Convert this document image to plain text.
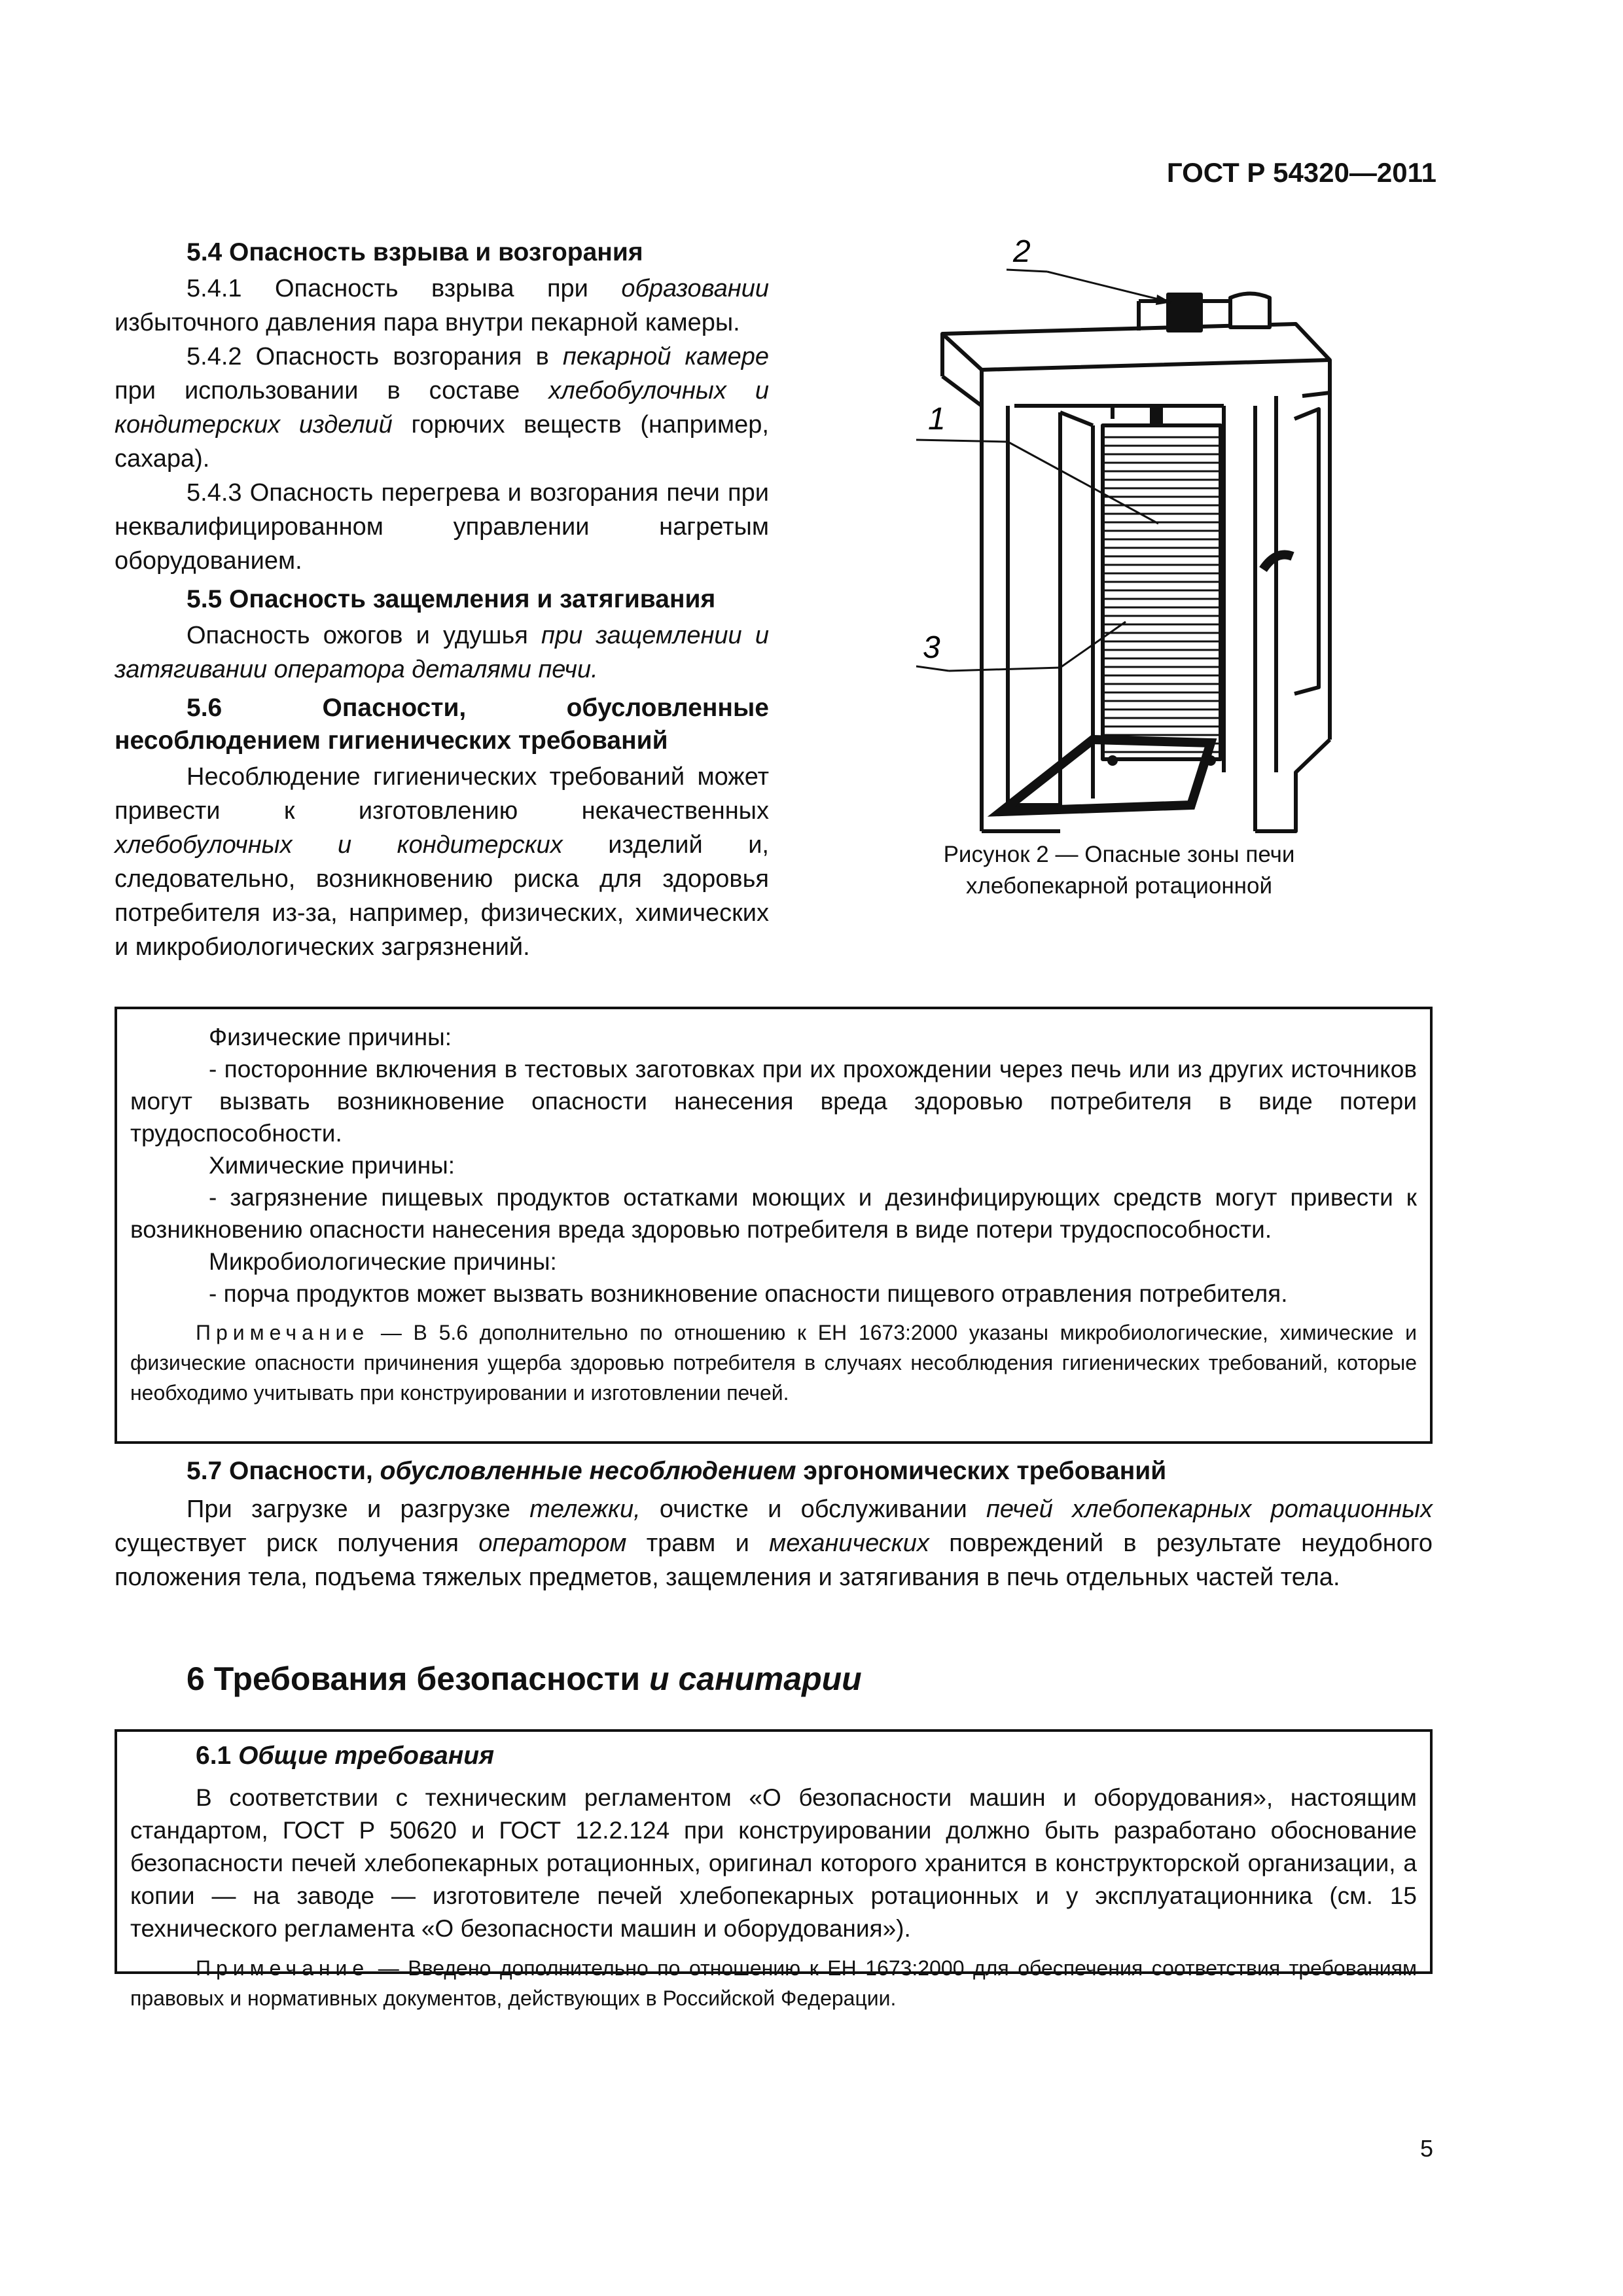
ГОСТ Р 54320—2011
5.4 Опасность взрыва и возгорания

5.4.1 Опасность взрыва при образовании избыточного давления пара внутри пекарной камеры.

5.4.2 Опасность возгорания в пекарной камере при использовании в составе хлебобулочных и кондитерских изделий горючих веществ (например, сахара).

5.4.3 Опасность перегрева и возгорания печи при неквалифицированном управлении нагретым оборудованием.

5.5 Опасность защемления и затягивания

Опасность ожогов и удушья при защемлении и затягивании оператора деталями печи.

5.6 Опасности, обусловленные несоблюдением гигиенических требований

Несоблюдение гигиенических требований может привести к изготовлению некачественных хлебобулочных и кондитерских изделий и, следовательно, возникновению риска для здоровья потребителя из-за, например, физических, химических и микробиологических загрязнений.

2
1
3
Рисунок 2 — Опасные зоны печи
хлебопекарной ротационной

Физические причины:

- посторонние включения в тестовых заготовках при их прохождении через печь или из других источников могут вызвать возникновение опасности нанесения вреда здоровью потребителя в виде потери трудоспособности.

Химические причины:

- загрязнение пищевых продуктов остатками моющих и дезинфицирующих средств могут привести к возникновению опасности нанесения вреда здоровью потребителя в виде потери трудоспособности.

Микробиологические причины:

- порча продуктов может вызвать возникновение опасности пищевого отравления потребителя.

Примечание — В 5.6 дополнительно по отношению к ЕН 1673:2000 указаны микробиологические, химические и физические опасности причинения ущерба здоровью потребителя в случаях несоблюдения гигиенических требований, которые необходимо учитывать при конструировании и изготовлении печей.

5.7 Опасности, обусловленные несоблюдением эргономических требований

При загрузке и разгрузке тележки, очистке и обслуживании печей хлебопекарных ротационных существует риск получения оператором травм и механических повреждений в результате неудобного положения тела, подъема тяжелых предметов, защемления и затягивания в печь отдельных частей тела.

6 Требования безопасности и санитарии
6.1 Общие требования

В соответствии с техническим регламентом «О безопасности машин и оборудования», настоящим стандартом, ГОСТ Р 50620 и ГОСТ 12.2.124 при конструировании должно быть разработано обоснование безопасности печей хлебопекарных ротационных, оригинал которого хранится в конструкторской организации, а копии — на заводе — изготовителе печей хлебопекарных ротационных и у эксплуатационника (см. 15 технического регламента «О безопасности машин и оборудования»).

Примечание — Введено дополнительно по отношению к ЕН 1673:2000 для обеспечения соответствия требованиям правовых и нормативных документов, действующих в Российской Федерации.

5
